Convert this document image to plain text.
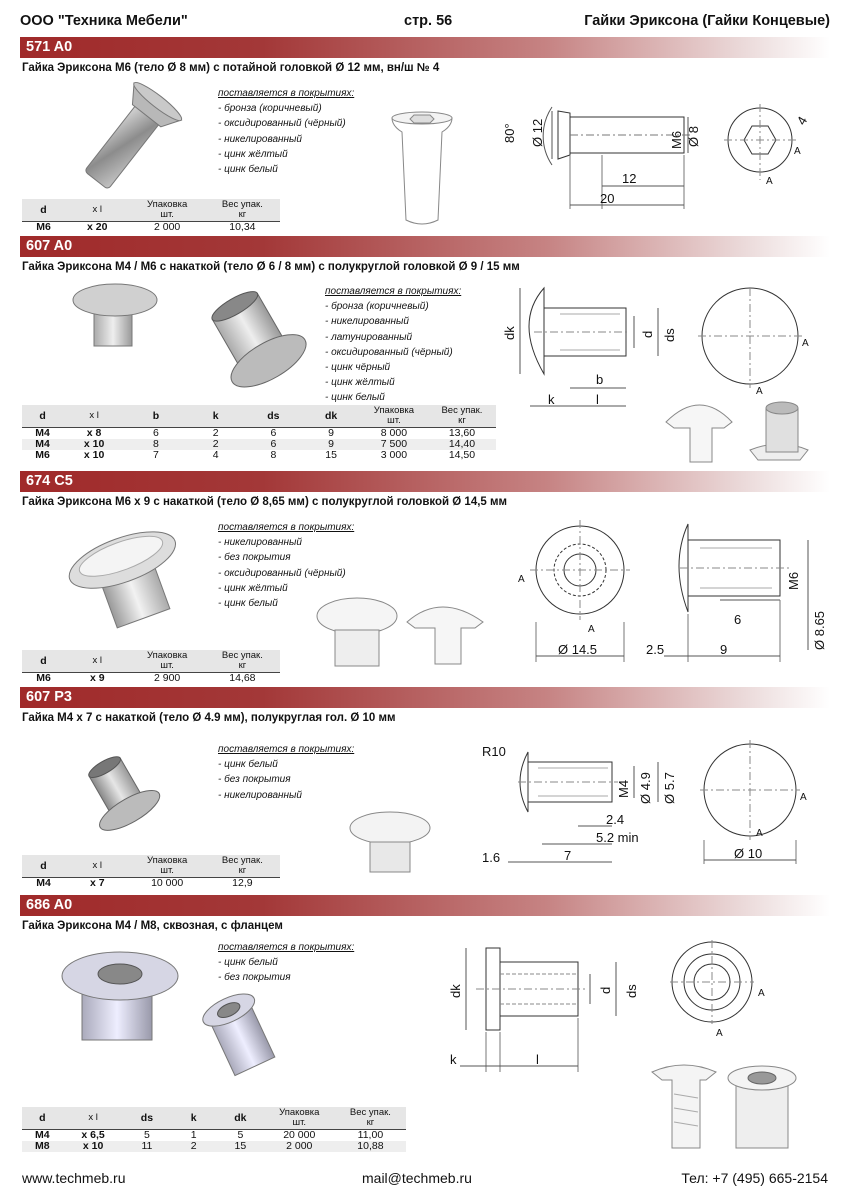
ООО "Техника Мебели"	стр. 56	Гайки Эриксона (Гайки Концевые)
571 A0
Гайка Эриксона М6 (тело Ø 8 мм) с потайной головкой Ø 12 мм, вн/ш № 4
поставляется в покрытиях:
- бронза (коричневый)
- оксидированный (чёрный)
- никелированный
- цинк жёлтый
- цинк белый
80° Ø 12	М6 Ø 8
12
20
4
A
A
d	x l	Упаковка
шт.	Вес упак.
кг
М6	x 20	2 000	10,34
607 A0
Гайка Эриксона М4 / М6 с накаткой (тело Ø 6 / 8 мм) с полукруглой головкой Ø 9 / 15 мм
поставляется в покрытиях:
- бронза (коричневый)
- никелированный
- латунированный
- оксидированный (чёрный)
- цинк чёрный
- цинк жёлтый
- цинк белый
dk	d ds
b
k	l
A
A
d	x l	b	k	ds	dk	Упаковка
шт.	Вес упак.
кг
М4	x 8	6	2	6	9	8 000	13,60
М4	x 10	8	2	6	9	7 500	14,40
М6	x 10	7	4	8	15	3 000	14,50
674 C5
Гайка Эриксона М6 x 9 с накаткой (тело Ø 8,65 мм) с полукруглой головкой Ø 14,5 мм
поставляется в покрытиях:
- никелированный
- без покрытия
- оксидированный (чёрный)
- цинк жёлтый
- цинк белый
Ø 14.5
A
A
М6
6	Ø 8.65
9
2.5
d	x l	Упаковка
шт.	Вес упак.
кг
М6	x 9	2 900	14,68
607 P3
Гайка М4 x 7 с накаткой (тело Ø 4.9 мм), полукруглая гол. Ø 10 мм
поставляется в покрытиях:
- цинк белый
- без покрытия
- никелированный
R10
М4 Ø 4.9 Ø 5.7
2.4
5.2 min
7
1.6	Ø 10
A
A
d	x l	Упаковка
шт.	Вес упак.
кг
М4	x 7	10 000	12,9
686 A0
Гайка Эриксона М4 / М8, сквозная, с фланцем
поставляется в покрытиях:
- цинк белый
- без покрытия
dk	d ds
k	l
A
A
d	x l	ds	k	dk	Упаковка
шт.	Вес упак.
кг
М4	x 6,5	5	1	5	20 000	11,00
М8	x 10	11	2	15	2 000	10,88
www.techmeb.ru	mail@techmeb.ru	Тел: +7 (495) 665-2154
